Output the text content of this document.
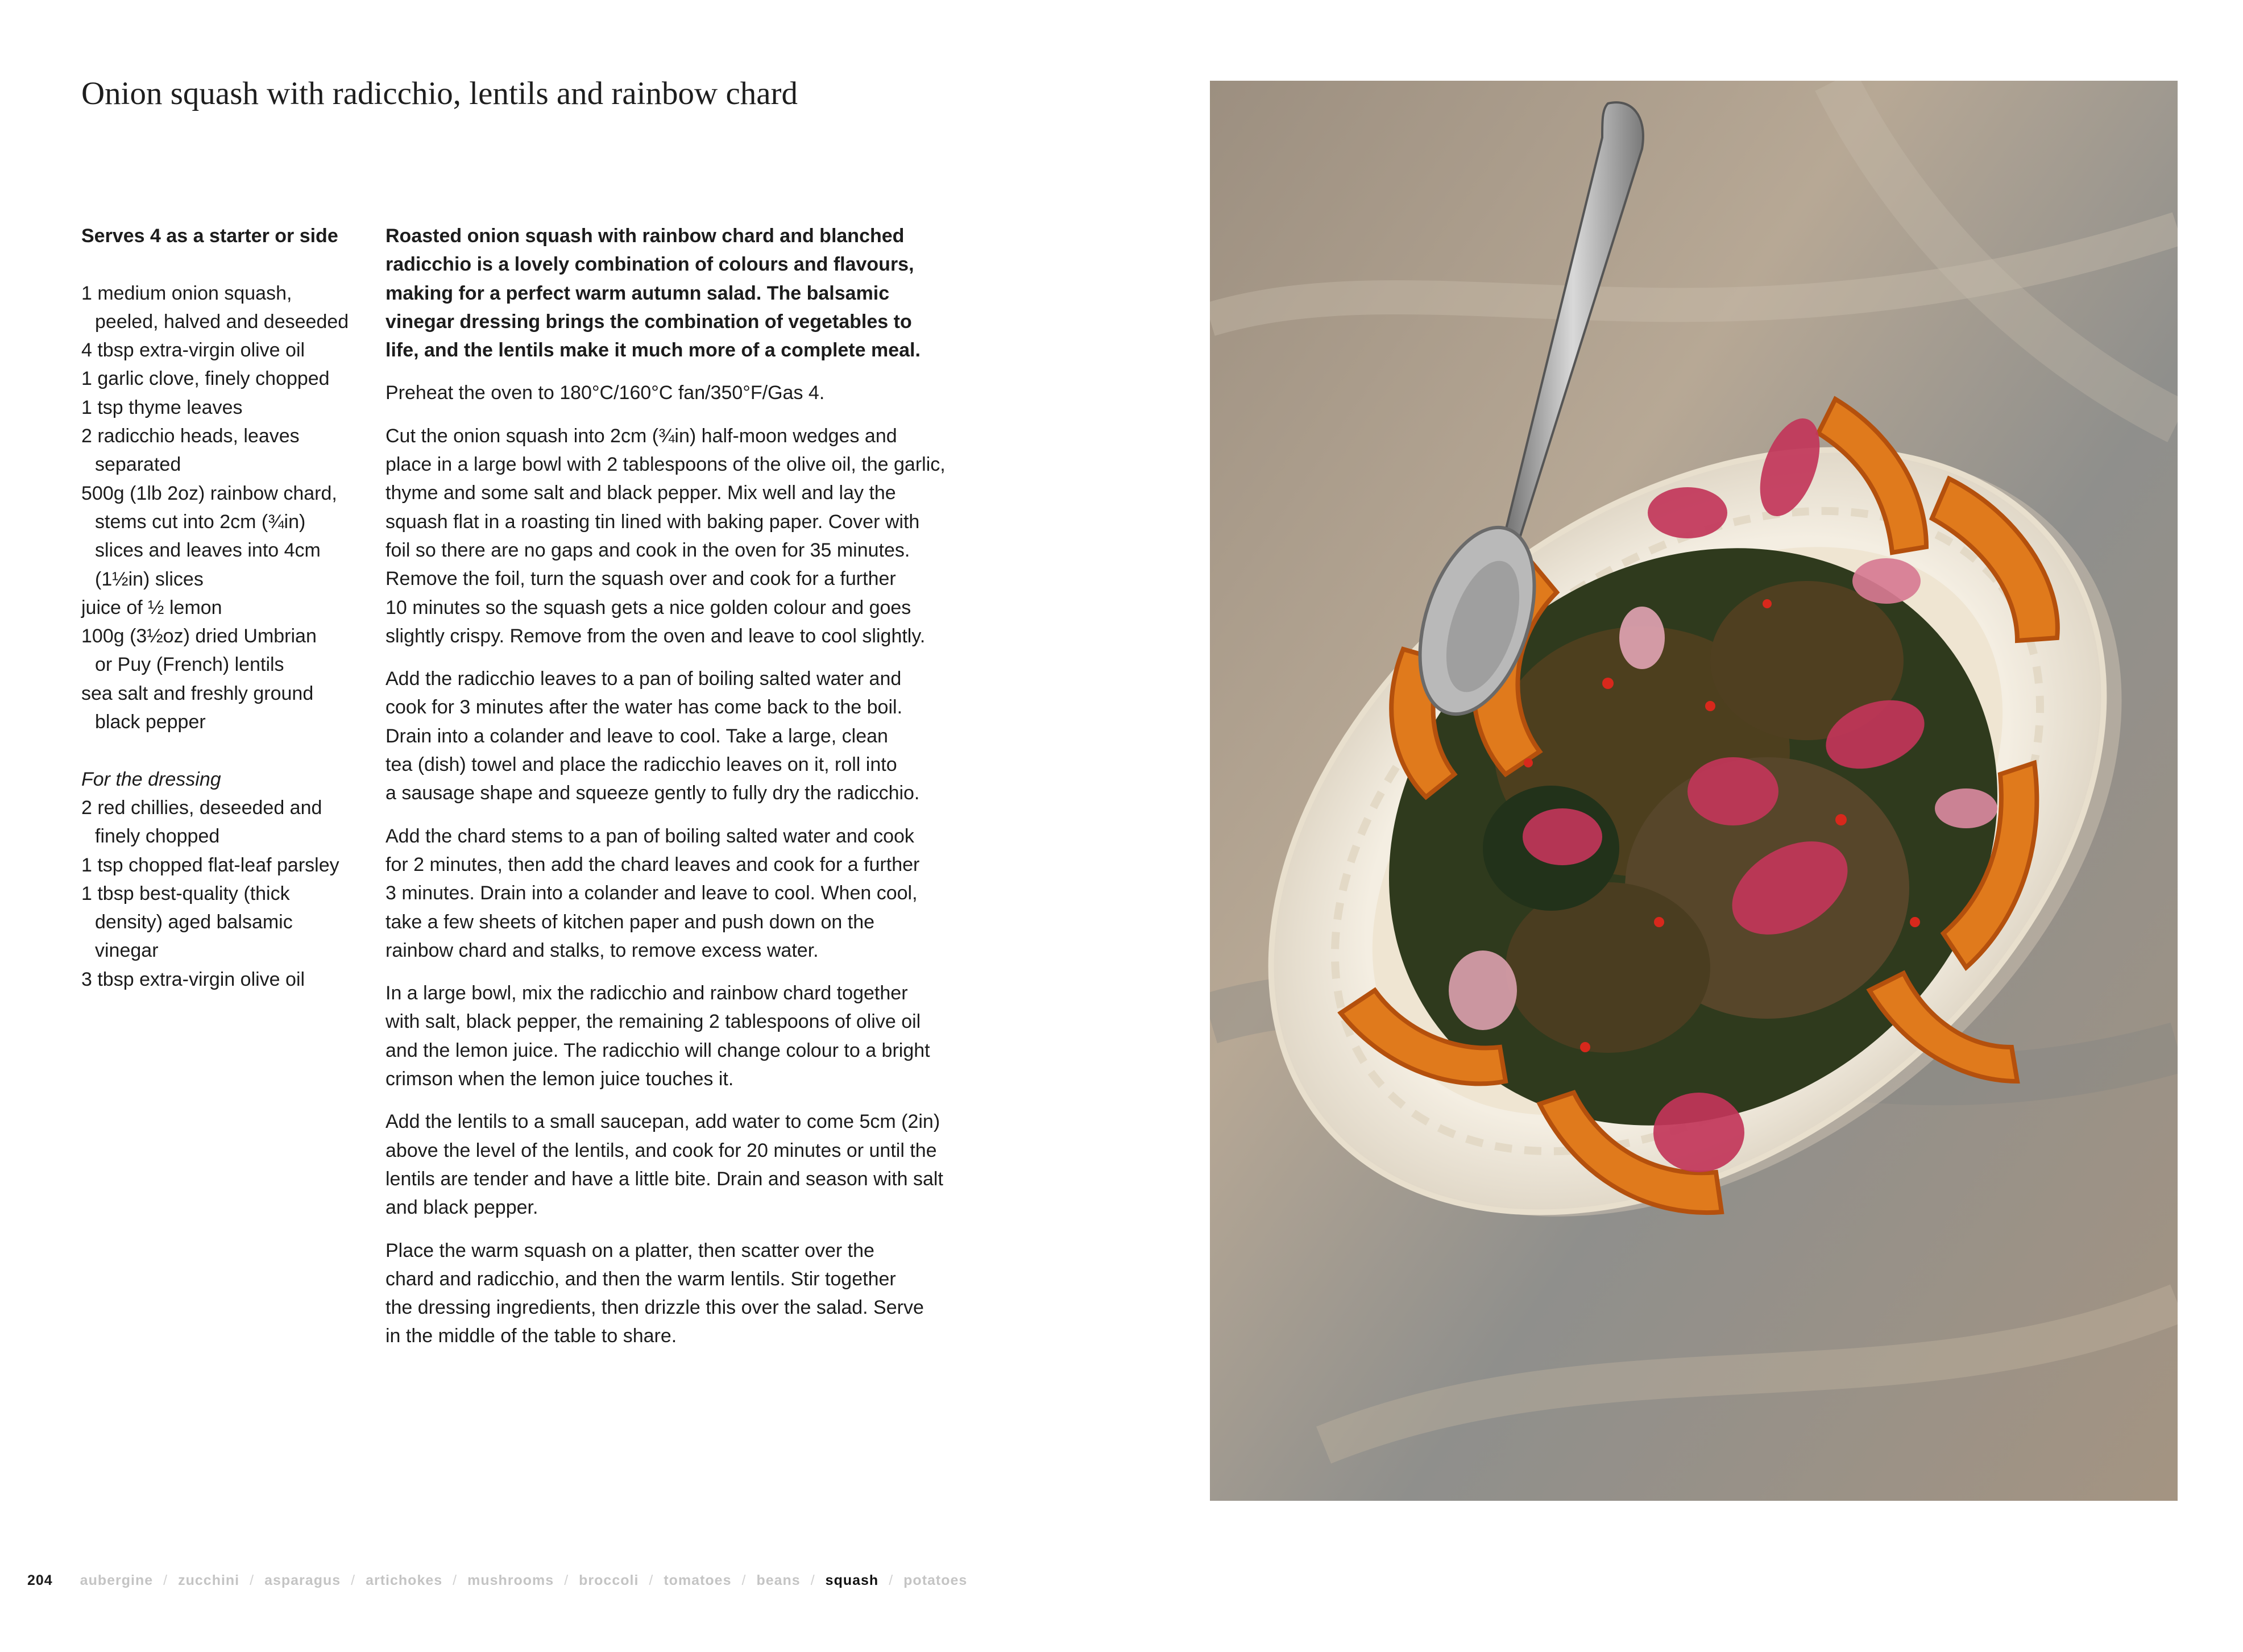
Onion squash with radicchio, lentils and rainbow chard
Serves 4 as a starter or side
1 medium onion squash,
peeled, halved and deseeded
4 tbsp extra-virgin olive oil
1 garlic clove, finely chopped
1 tsp thyme leaves
2 radicchio heads, leaves
separated
500g (1lb 2oz) rainbow chard,
stems cut into 2cm (¾in)
slices and leaves into 4cm
(1½in) slices
juice of ½ lemon
100g (3½oz) dried Umbrian
or Puy (French) lentils
sea salt and freshly ground
black pepper
For the dressing
2 red chillies, deseeded and
finely chopped
1 tsp chopped flat-leaf parsley
1 tbsp best-quality (thick
density) aged balsamic
vinegar
3 tbsp extra-virgin olive oil
Roasted onion squash with rainbow chard and blanched
radicchio is a lovely combination of colours and flavours,
making for a perfect warm autumn salad. The balsamic
vinegar dressing brings the combination of vegetables to
life, and the lentils make it much more of a complete meal.
Preheat the oven to 180°C/160°C fan/350°F/Gas 4.
Cut the onion squash into 2cm (¾in) half-moon wedges and
place in a large bowl with 2 tablespoons of the olive oil, the garlic,
thyme and some salt and black pepper. Mix well and lay the
squash flat in a roasting tin lined with baking paper. Cover with
foil so there are no gaps and cook in the oven for 35 minutes.
Remove the foil, turn the squash over and cook for a further
10 minutes so the squash gets a nice golden colour and goes
slightly crispy. Remove from the oven and leave to cool slightly.
Add the radicchio leaves to a pan of boiling salted water and
cook for 3 minutes after the water has come back to the boil.
Drain into a colander and leave to cool. Take a large, clean
tea (dish) towel and place the radicchio leaves on it, roll into
a sausage shape and squeeze gently to fully dry the radicchio.
Add the chard stems to a pan of boiling salted water and cook
for 2 minutes, then add the chard leaves and cook for a further
3 minutes. Drain into a colander and leave to cool. When cool,
take a few sheets of kitchen paper and push down on the
rainbow chard and stalks, to remove excess water.
In a large bowl, mix the radicchio and rainbow chard together
with salt, black pepper, the remaining 2 tablespoons of olive oil
and the lemon juice. The radicchio will change colour to a bright
crimson when the lemon juice touches it.
Add the lentils to a small saucepan, add water to come 5cm (2in)
above the level of the lentils, and cook for 20 minutes or until the
lentils are tender and have a little bite. Drain and season with salt
and black pepper.
Place the warm squash on a platter, then scatter over the
chard and radicchio, and then the warm lentils. Stir together
the dressing ingredients, then drizzle this over the salad. Serve
in the middle of the table to share.
204 aubergine / zucchini / asparagus / artichokes / mushrooms / broccoli / tomatoes / beans / squash / potatoes
